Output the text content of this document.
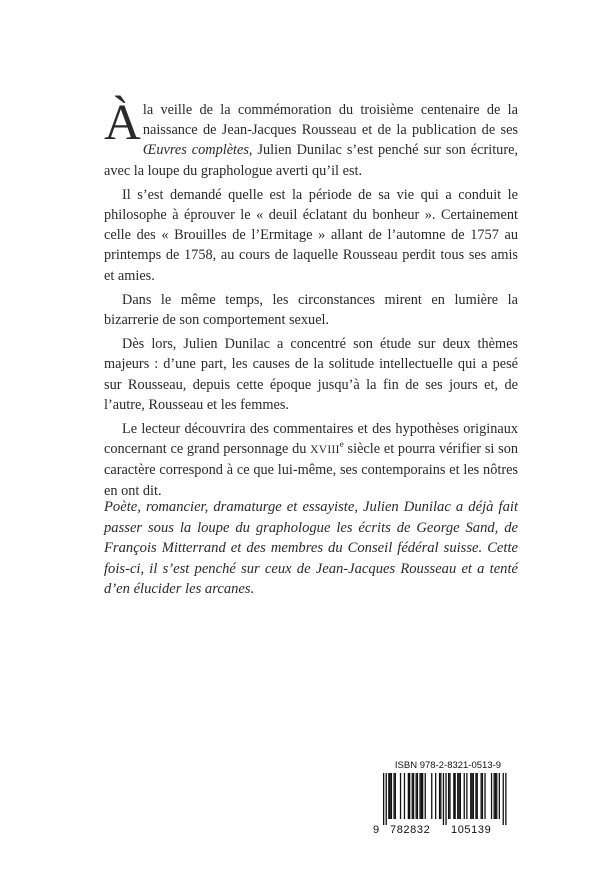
Àla veille de la commémoration du troisième centenaire de la naissance de Jean-Jacques Rousseau et de la publication de ses Œuvres complètes, Julien Dunilac s’est penché sur son écriture, avec la loupe du graphologue averti qu’il est.

Il s’est demandé quelle est la période de sa vie qui a conduit le philosophe à éprouver le « deuil éclatant du bonheur ». Certainement celle des « Brouilles de l’Ermitage » allant de l’automne de 1757 au printemps de 1758, au cours de laquelle Rousseau perdit tous ses amis et amies.

Dans le même temps, les circonstances mirent en lumière la bizarrerie de son comportement sexuel.

Dès lors, Julien Dunilac a concentré son étude sur deux thèmes majeurs : d’une part, les causes de la solitude intellectuelle qui a pesé sur Rousseau, depuis cette époque jusqu’à la fin de ses jours et, de l’autre, Rousseau et les femmes.

Le lecteur découvrira des commentaires et des hypothèses originaux concernant ce grand personnage du XVIIIe siècle et pourra vérifier si son caractère correspond à ce que lui-même, ses contemporains et les nôtres en ont dit.

Poète, romancier, dramaturge et essayiste, Julien Dunilac a déjà fait passer sous la loupe du graphologue les écrits de George Sand, de François Mitterrand et des membres du Conseil fédéral suisse. Cette fois-ci, il s’est penché sur ceux de Jean-Jacques Rousseau et a tenté d’en élucider les arcanes.

ISBN 978-2-8321-0513-9
9 782832 105139
